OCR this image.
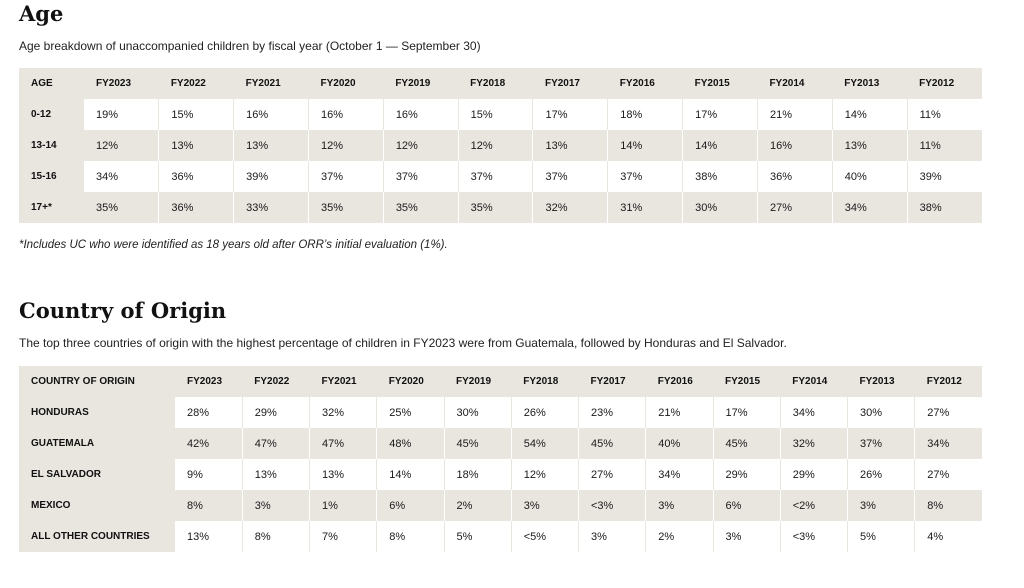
Age

Age breakdown of unaccompanied children by fiscal year (October 1 — September 30)

AGE	FY2023	FY2022	FY2021	FY2020	FY2019	FY2018	FY2017	FY2016	FY2015	FY2014	FY2013	FY2012
0-12	19%	15%	16%	16%	16%	15%	17%	18%	17%	21%	14%	11%
13-14	12%	13%	13%	12%	12%	12%	13%	14%	14%	16%	13%	11%
15-16	34%	36%	39%	37%	37%	37%	37%	37%	38%	36%	40%	39%
17+*	35%	36%	33%	35%	35%	35%	32%	31%	30%	27%	34%	38%

*Includes UC who were identified as 18 years old after ORR’s initial evaluation (1%).

Country of Origin

The top three countries of origin with the highest percentage of children in FY2023 were from Guatemala, followed by Honduras and El Salvador.

COUNTRY OF ORIGIN	FY2023	FY2022	FY2021	FY2020	FY2019	FY2018	FY2017	FY2016	FY2015	FY2014	FY2013	FY2012
HONDURAS	28%	29%	32%	25%	30%	26%	23%	21%	17%	34%	30%	27%
GUATEMALA	42%	47%	47%	48%	45%	54%	45%	40%	45%	32%	37%	34%
EL SALVADOR	9%	13%	13%	14%	18%	12%	27%	34%	29%	29%	26%	27%
MEXICO	8%	3%	1%	6%	2%	3%	<3%	3%	6%	<2%	3%	8%
ALL OTHER COUNTRIES	13%	8%	7%	8%	5%	<5%	3%	2%	3%	<3%	5%	4%
